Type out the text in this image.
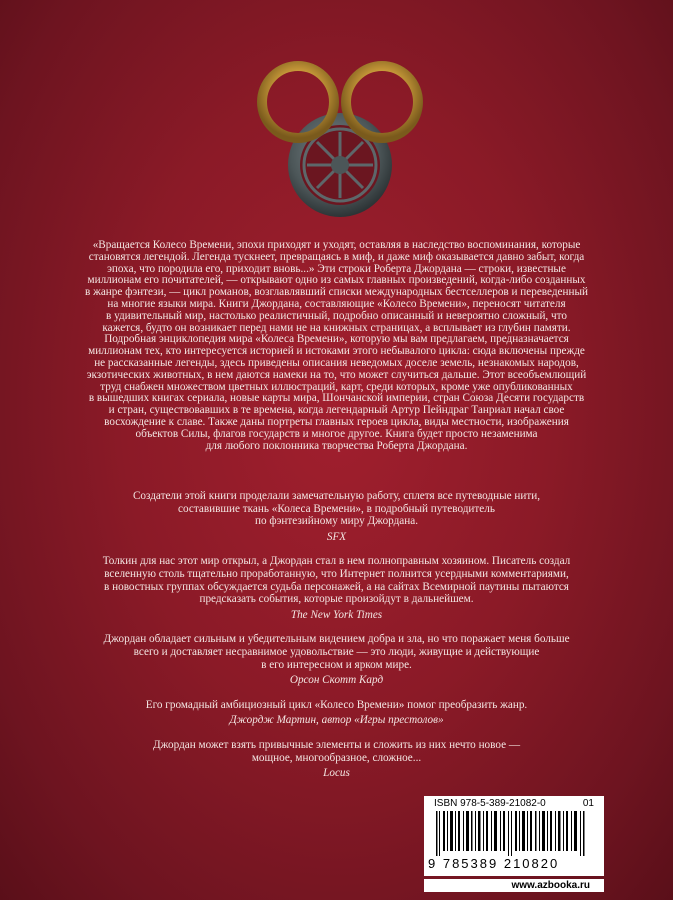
«Вращается Колесо Времени, эпохи приходят и уходят, оставляя в наследство воспоминания, которые

становятся легендой. Легенда тускнеет, превращаясь в миф, и даже миф оказывается давно забыт, когда

эпоха, что породила его, приходит вновь...» Эти строки Роберта Джордана — строки, известные

миллионам его почитателей, — открывают одно из самых главных произведений, когда-либо созданных

в жанре фэнтези, — цикл романов, возглавлявший списки международных бестселлеров и переведенный

на многие языки мира. Книги Джордана, составляющие «Колесо Времени», переносят читателя

в удивительный мир, настолько реалистичный, подробно описанный и невероятно сложный, что

кажется, будто он возникает перед нами не на книжных страницах, а всплывает из глубин памяти.

Подробная энциклопедия мира «Колеса Времени», которую мы вам предлагаем, предназначается

миллионам тех, кто интересуется историей и истоками этого небывалого цикла: сюда включены прежде

не рассказанные легенды, здесь приведены описания неведомых доселе земель, незнакомых народов,

экзотических животных, в нем даются намеки на то, что может случиться дальше. Этот всеобъемлющий

труд снабжен множеством цветных иллюстраций, карт, среди которых, кроме уже опубликованных

в вышедших книгах сериала, новые карты мира, Шончанской империи, стран Союза Десяти государств

и стран, существовавших в те времена, когда легендарный Артур Пейндраг Танриал начал свое

восхождение к славе. Также даны портреты главных героев цикла, виды местности, изображения

объектов Силы, флагов государств и многое другое. Книга будет просто незаменима

для любого поклонника творчества Роберта Джордана.

Создатели этой книги проделали замечательную работу, сплетя все путеводные нити,
составившие ткань «Колеса Времени», в подробный путеводитель
по фэнтезийному миру Джордана.
SFX
Толкин для нас этот мир открыл, а Джордан стал в нем полноправным хозяином. Писатель создал
вселенную столь тщательно проработанную, что Интернет полнится усердными комментариями,
в новостных группах обсуждается судьба персонажей, а на сайтах Всемирной паутины пытаются
предсказать события, которые произойдут в дальнейшем.
The New York Times
Джордан обладает сильным и убедительным видением добра и зла, но что поражает меня больше
всего и доставляет несравнимое удовольствие — это люди, живущие и действующие
в его интересном и ярком мире.
Орсон Скотт Кард
Его громадный амбициозный цикл «Колесо Времени» помог преобразить жанр.
Джордж Мартин, автор «Игры престолов»
Джордан может взять привычные элементы и сложить из них нечто новое —
мощное, многообразное, сложное...
Locus
ISBN 978-5-389-21082-0	01
9 785389 210820
www.azbooka.ru
